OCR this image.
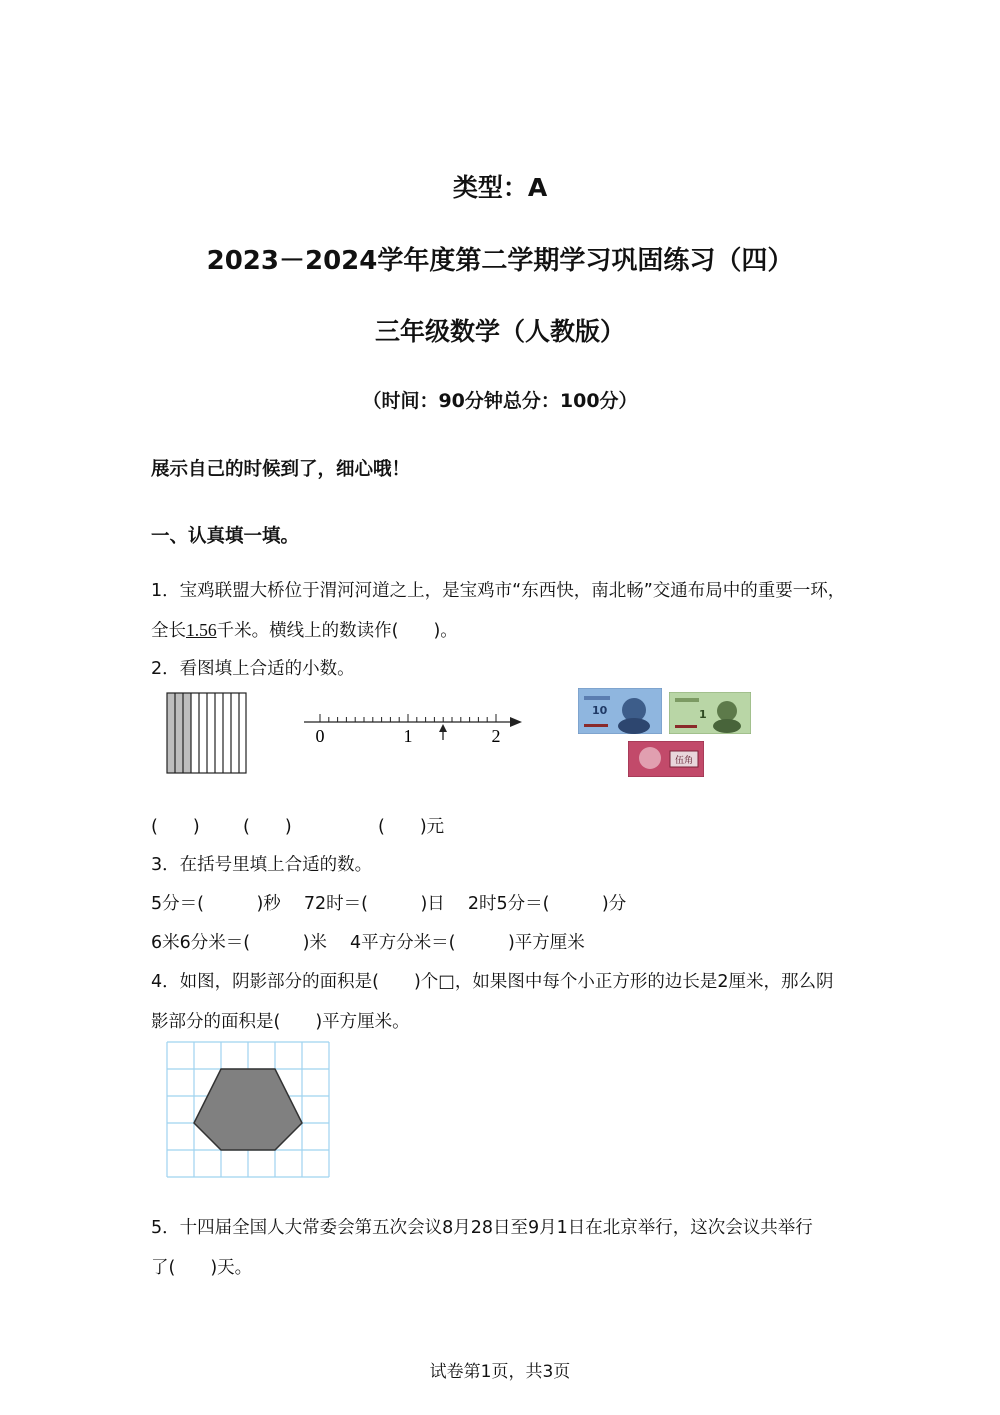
类型：A
2023－2024学年度第二学期学习巩固练习（四）
三年级数学（人教版）
（时间：90分钟总分：100分）
展示自己的时候到了，细心哦！
一、认真填一填。
1．宝鸡联盟大桥位于渭河河道之上，是宝鸡市“东西快，南北畅”交通布局中的重要一环，
全长1.56千米。横线上的数读作(　　)。
2．看图填上合适的小数。
0	1	2
10	1
伍角
(　　) (　　)	(　　)元
3．在括号里填上合适的数。
5分＝(　　　)秒　 72时＝(　　　)日　 2时5分＝(　　　)分
6米6分米＝(　　　)米　 4平方分米＝(　　　)平方厘米
4．如图，阴影部分的面积是(　　)个□，如果图中每个小正方形的边长是2厘米，那么阴
影部分的面积是(　　)平方厘米。
5．十四届全国人大常委会第五次会议8月28日至9月1日在北京举行，这次会议共举行
了(　　)天。
试卷第1页，共3页
